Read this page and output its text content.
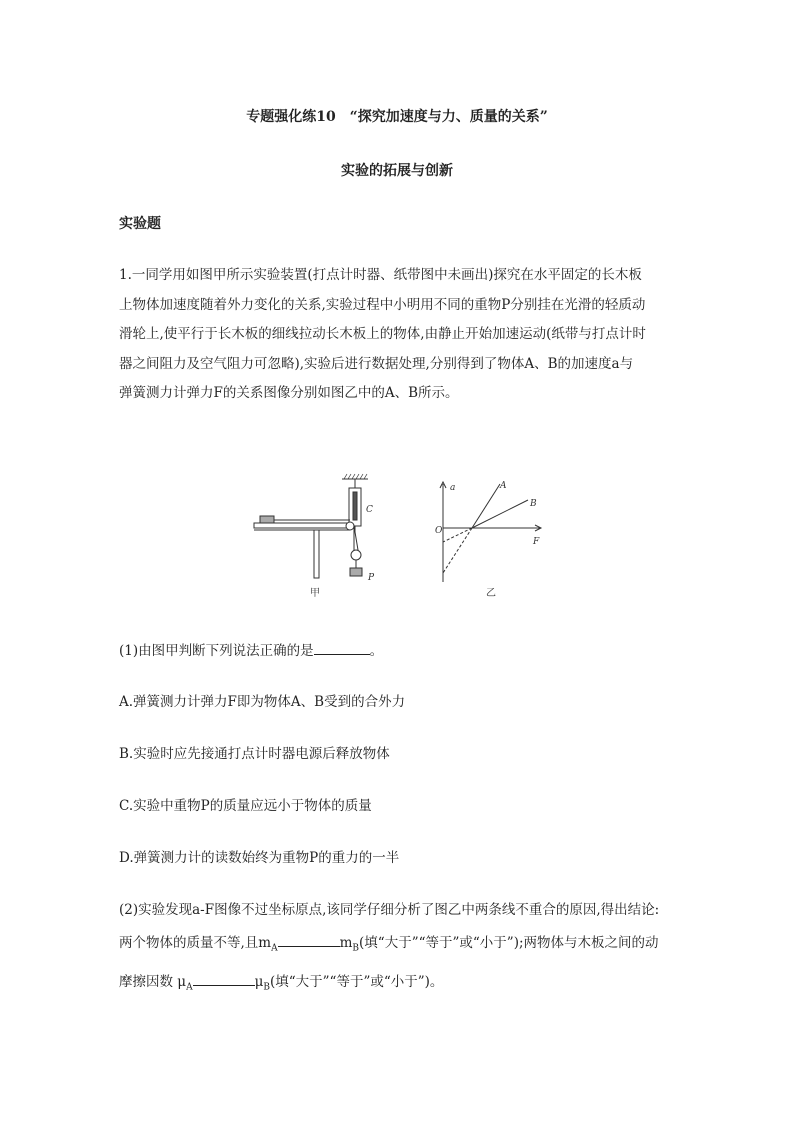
专题强化练10　“探究加速度与力、质量的关系”
实验的拓展与创新
实验题
1.一同学用如图甲所示实验装置(打点计时器、纸带图中未画出)探究在水平固定的长木板
上物体加速度随着外力变化的关系,实验过程中小明用不同的重物P分别挂在光滑的轻质动
滑轮上,使平行于长木板的细线拉动长木板上的物体,由静止开始加速运动(纸带与打点计时
器之间阻力及空气阻力可忽略),实验后进行数据处理,分别得到了物体A、B的加速度a与
弹簧测力计弹力F的关系图像分别如图乙中的A、B所示。
C
P
甲
a
F
O
A
B
乙
(1)由图甲判断下列说法正确的是	。
A.弹簧测力计弹力F即为物体A、B受到的合外力
B.实验时应先接通打点计时器电源后释放物体
C.实验中重物P的质量应远小于物体的质量
D.弹簧测力计的读数始终为重物P的重力的一半
(2)实验发现a-F图像不过坐标原点,该同学仔细分析了图乙中两条线不重合的原因,得出结论:
两个物体的质量不等,且$m_A$	$m_B$(填“大于”“等于”或“小于”);两物体与木板之间的动
摩擦因数 $\mu_A$	$\mu_B$(填“大于”“等于”或“小于”)。
